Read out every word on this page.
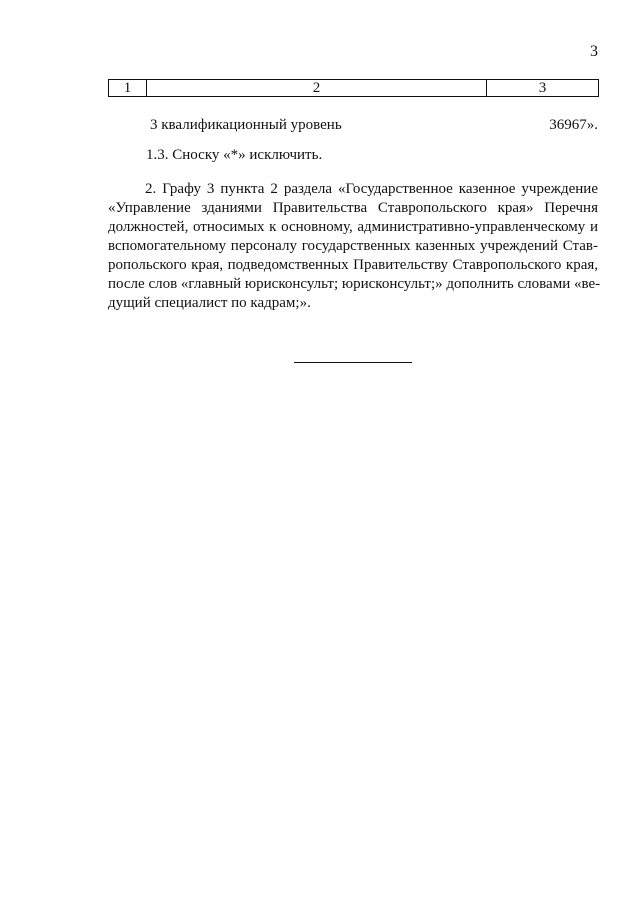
3
1	2	3
3 квалификационный уровень	36967».
1.3. Сноску «*» исключить.
2. Графу 3 пункта 2 раздела «Государственное казенное учреждение
«Управление зданиями Правительства Ставропольского края» Перечня
должностей, относимых к основному, административно-управленческому и
вспомогательному персоналу государственных казенных учреждений Став-
ропольского края, подведомственных Правительству Ставропольского края,
после слов «главный юрисконсульт; юрисконсульт;» дополнить словами «ве-
дущий специалист по кадрам;».
